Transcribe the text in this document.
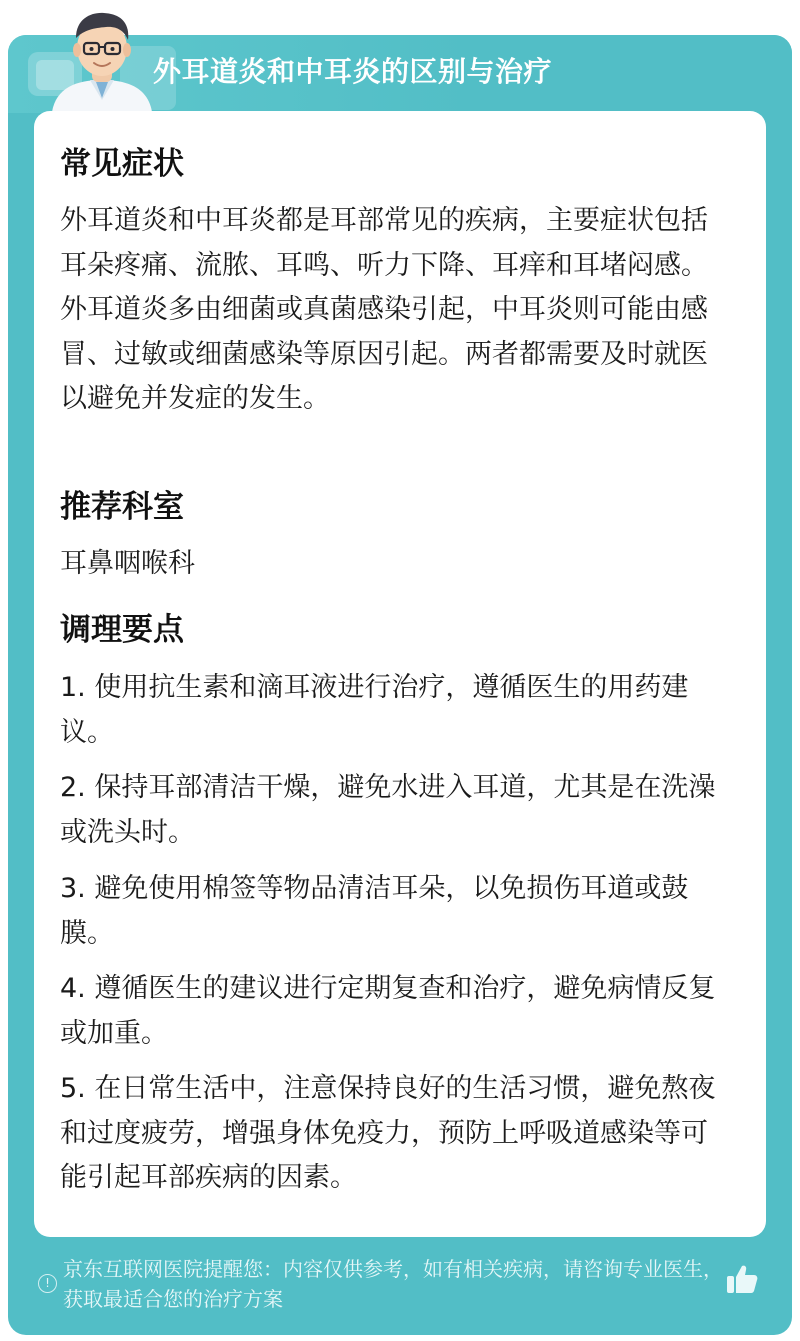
外耳道炎和中耳炎的区别与治疗
常见症状
外耳道炎和中耳炎都是耳部常见的疾病，主要症状包括耳朵疼痛、流脓、耳鸣、听力下降、耳痒和耳堵闷感。外耳道炎多由细菌或真菌感染引起，中耳炎则可能由感冒、过敏或细菌感染等原因引起。两者都需要及时就医以避免并发症的发生。
推荐科室
耳鼻咽喉科
调理要点
1. 使用抗生素和滴耳液进行治疗，遵循医生的用药建议。
2. 保持耳部清洁干燥，避免水进入耳道，尤其是在洗澡或洗头时。
3. 避免使用棉签等物品清洁耳朵，以免损伤耳道或鼓膜。
4. 遵循医生的建议进行定期复查和治疗，避免病情反复或加重。
5. 在日常生活中，注意保持良好的生活习惯，避免熬夜和过度疲劳，增强身体免疫力，预防上呼吸道感染等可能引起耳部疾病的因素。
!
京东互联网医院提醒您：内容仅供参考，如有相关疾病，请咨询专业医生，获取最适合您的治疗方案
